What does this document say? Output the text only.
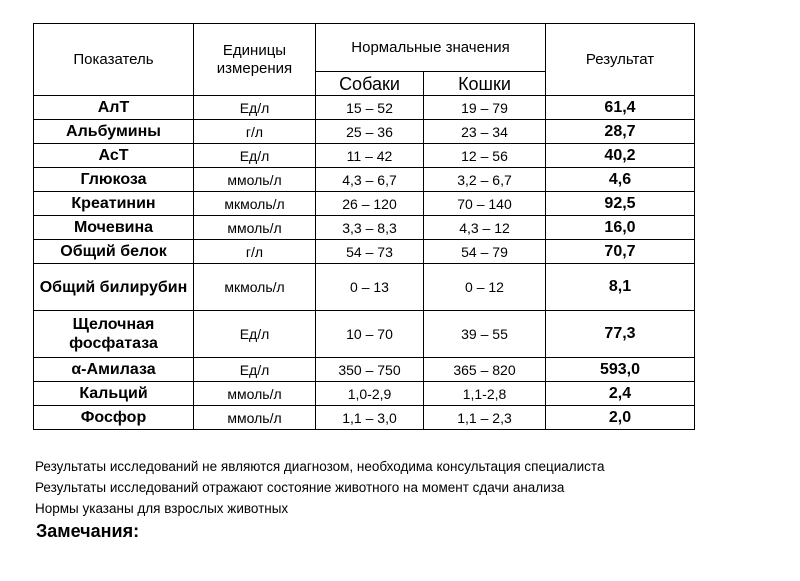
Показатель	Единицы измерения	Нормальные значения		Результат
		Собаки	Кошки	
АлТ	Ед/л	15 – 52	19 – 79	61,4
Альбумины	г/л	25 – 36	23 – 34	28,7
АсТ	Ед/л	11 – 42	12 – 56	40,2
Глюкоза	ммоль/л	4,3 – 6,7	3,2 – 6,7	4,6
Креатинин	мкмоль/л	26 – 120	70 – 140	92,5
Мочевина	ммоль/л	3,3 – 8,3	4,3 – 12	16,0
Общий белок	г/л	54 – 73	54 – 79	70,7
Общий билирубин	мкмоль/л	0 – 13	0 – 12	8,1
Щелочная фосфатаза	Ед/л	10 – 70	39 – 55	77,3
α-Амилаза	Ед/л	350 – 750	365 – 820	593,0
Кальций	ммоль/л	1,0-2,9	1,1-2,8	2,4
Фосфор	ммоль/л	1,1 – 3,0	1,1 – 2,3	2,0
Результаты исследований не являются диагнозом, необходима консультация специалиста
Результаты исследований отражают состояние животного на момент сдачи анализа
Нормы указаны для взрослых животных
Замечания:
